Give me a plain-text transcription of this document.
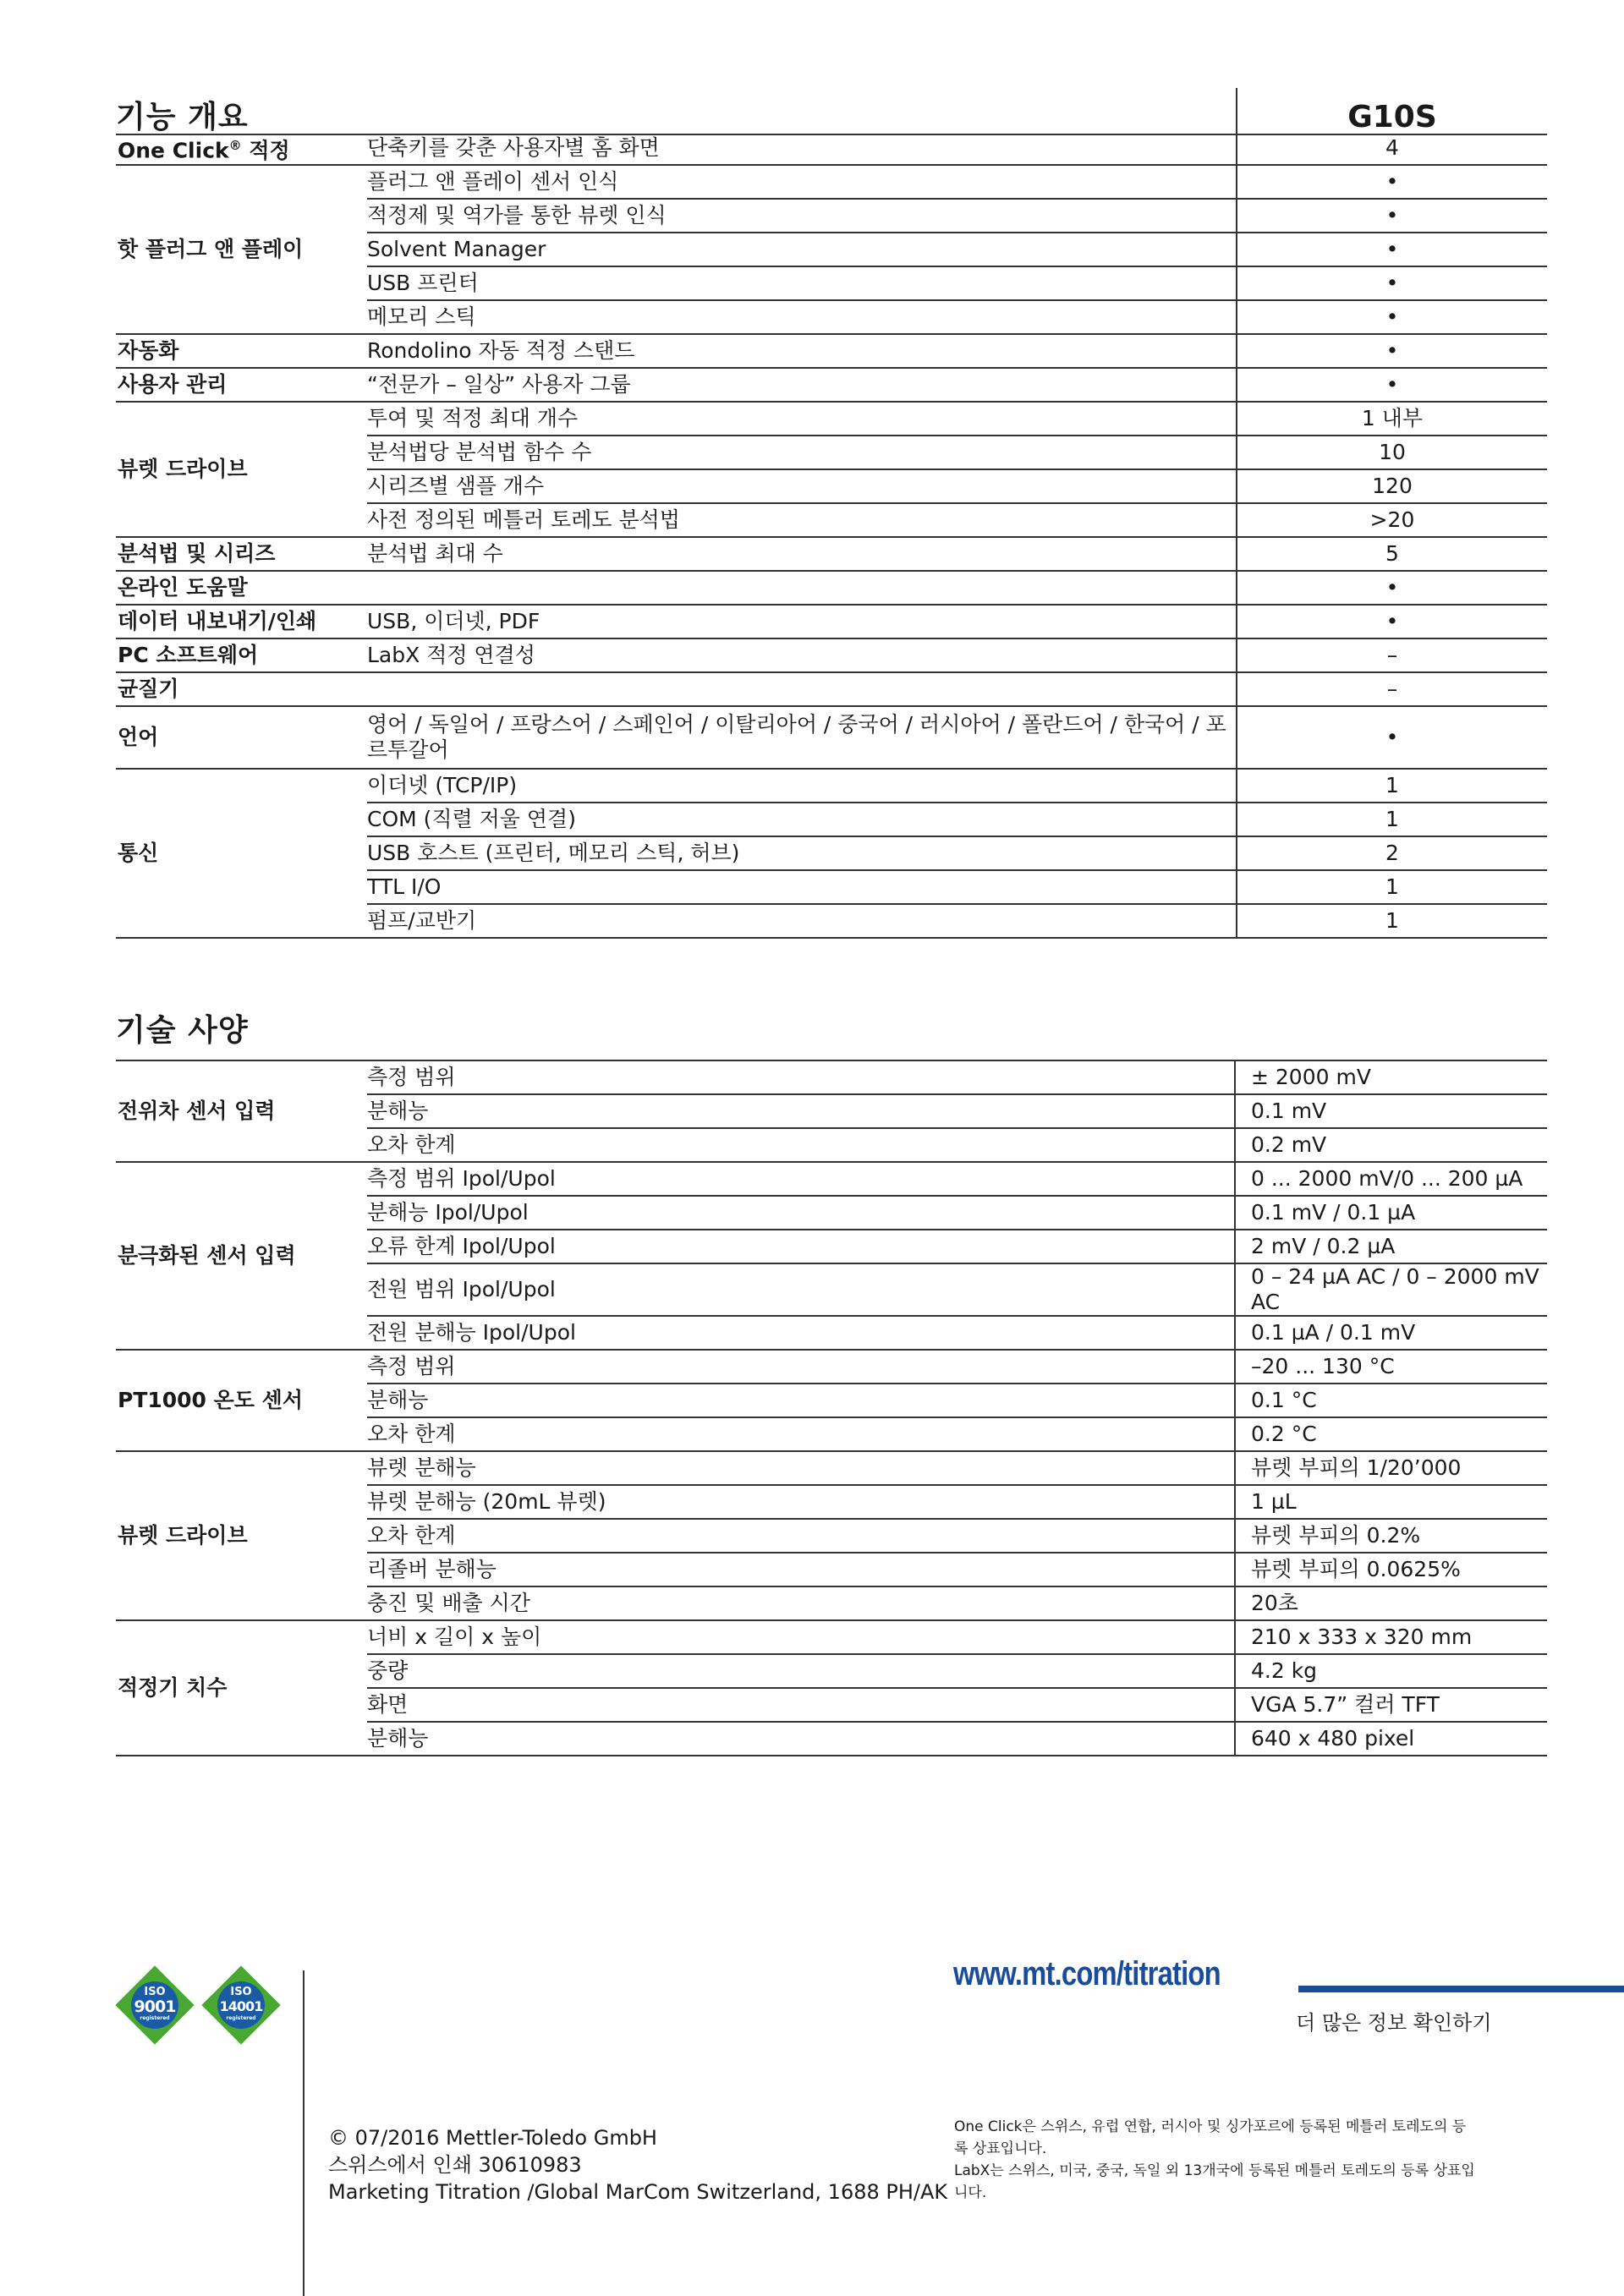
기능 개요	G10S
One Click® 적정	단축키를 갖춘 사용자별 홈 화면	4
핫 플러그 앤 플레이	플러그 앤 플레이 센서 인식	•
	적정제 및 역가를 통한 뷰렛 인식	•
	Solvent Manager	•
	USB 프린터	•
	메모리 스틱	•
자동화	Rondolino 자동 적정 스탠드	•
사용자 관리	“전문가 – 일상” 사용자 그룹	•
뷰렛 드라이브	투여 및 적정 최대 개수	1 내부
	분석법당 분석법 함수 수	10
	시리즈별 샘플 개수	120
	사전 정의된 메틀러 토레도 분석법	>20
분석법 및 시리즈	분석법 최대 수	5
온라인 도움말		•
데이터 내보내기/인쇄	USB, 이더넷, PDF	•
PC 소프트웨어	LabX 적정 연결성	–
균질기		–
언어	영어 / 독일어 / 프랑스어 / 스페인어 / 이탈리아어 / 중국어 / 러시아어 / 폴란드어 / 한국어 / 포르투갈어	•
통신	이더넷 (TCP/IP)	1
	COM (직렬 저울 연결)	1
	USB 호스트 (프린터, 메모리 스틱, 허브)	2
	TTL I/O	1
	펌프/교반기	1
기술 사양
전위차 센서 입력	측정 범위	± 2000 mV
	분해능	0.1 mV
	오차 한계	0.2 mV
분극화된 센서 입력	측정 범위 Ipol/Upol	0 ... 2000 mV/0 ... 200 µA
	분해능 Ipol/Upol	0.1 mV / 0.1 µA
	오류 한계 Ipol/Upol	2 mV / 0.2 µA
	전원 범위 Ipol/Upol	0 – 24 µA AC / 0 – 2000 mV AC
	전원 분해능 Ipol/Upol	0.1 µA / 0.1 mV
PT1000 온도 센서	측정 범위	–20 ... 130 °C
	분해능	0.1 °C
	오차 한계	0.2 °C
뷰렛 드라이브	뷰렛 분해능	뷰렛 부피의 1/20’000
	뷰렛 분해능 (20mL 뷰렛)	1 µL
	오차 한계	뷰렛 부피의 0.2%
	리졸버 분해능	뷰렛 부피의 0.0625%
	충진 및 배출 시간	20초
적정기 치수	너비 x 길이 x 높이	210 x 333 x 320 mm
	중량	4.2 kg
	화면	VGA 5.7” 컬러 TFT
	분해능	640 x 480 pixel
ISO
9001
registered
ISO
14001
registered
www.mt.com/titration
더 많은 정보 확인하기
© 07/2016 Mettler-Toledo GmbH
스위스에서 인쇄 30610983
Marketing Titration /Global MarCom Switzerland, 1688 PH/AK
One Click은 스위스, 유럽 연합, 러시아 및 싱가포르에 등록된 메틀러 토레도의 등록 상표입니다.
LabX는 스위스, 미국, 중국, 독일 외 13개국에 등록된 메틀러 토레도의 등록 상표입니다.
